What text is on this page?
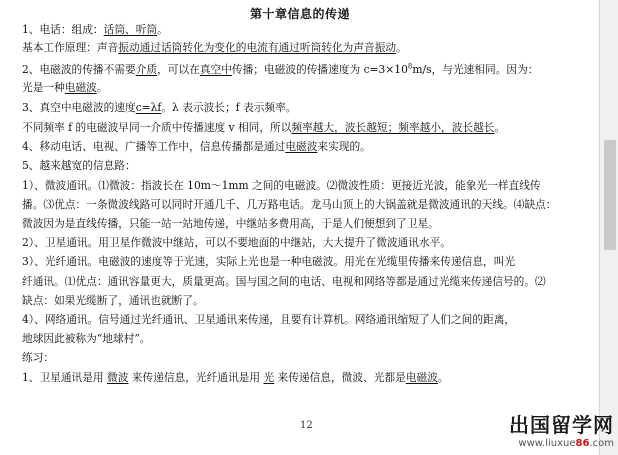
第十章信息的传递
1、电话：组成：话筒、听筒。
基本工作原理：声音振动通过话筒转化为变化的电流有通过听筒转化为声音振动。
2、电磁波的传播不需要介质，可以在真空中传播；电磁波的传播速度为 $c=3\times 10^8m/s$，与光速相同。因为：
光是一种电磁波。
3、真空中电磁波的速度c=λf。λ 表示波长；f 表示频率。
不同频率 f 的电磁波早同一介质中传播速度 v 相同，所以频率越大，波长越短；频率越小，波长越长。
4、移动电话、电视、广播等工作中，信息传播都是通过电磁波来实现的。
5、越来越宽的信息路：
1）、微波通讯。⑴微波：指波长在 10m～1mm 之间的电磁波。⑵微波性质：更接近光波，能象光一样直线传
播。⑶优点：一条微波线路可以同时开通几千、几万路电话。龙马山顶上的大锅盖就是微波通讯的天线。⑷缺点：
微波因为是直线传播，只能一站一站地传递，中继站多费用高，于是人们便想到了卫星。
2）、卫星通讯。用卫星作微波中继站，可以不要地面的中继站，大大提升了微波通讯水平。
3）、光纤通讯。电磁波的速度等于光速，实际上光也是一种电磁波。用光在光缆里传播来传递信息，叫光
纤通讯。⑴优点：通讯容量更大，质量更高。国与国之间的电话、电视和网络等都是通过光缆来传递信号的。⑵
缺点：如果光缆断了，通讯也就断了。
4）、网络通讯。信号通过光纤通讯、卫星通讯来传递，且要有计算机。网络通讯缩短了人们之间的距离，
地球因此被称为“地球村”。
练习：
1、卫星通讯是用 微波 来传递信息，光纤通讯是用 光 来传递信息，微波、光都是电磁波。
12	出国留学网
www.liuxue86.com
